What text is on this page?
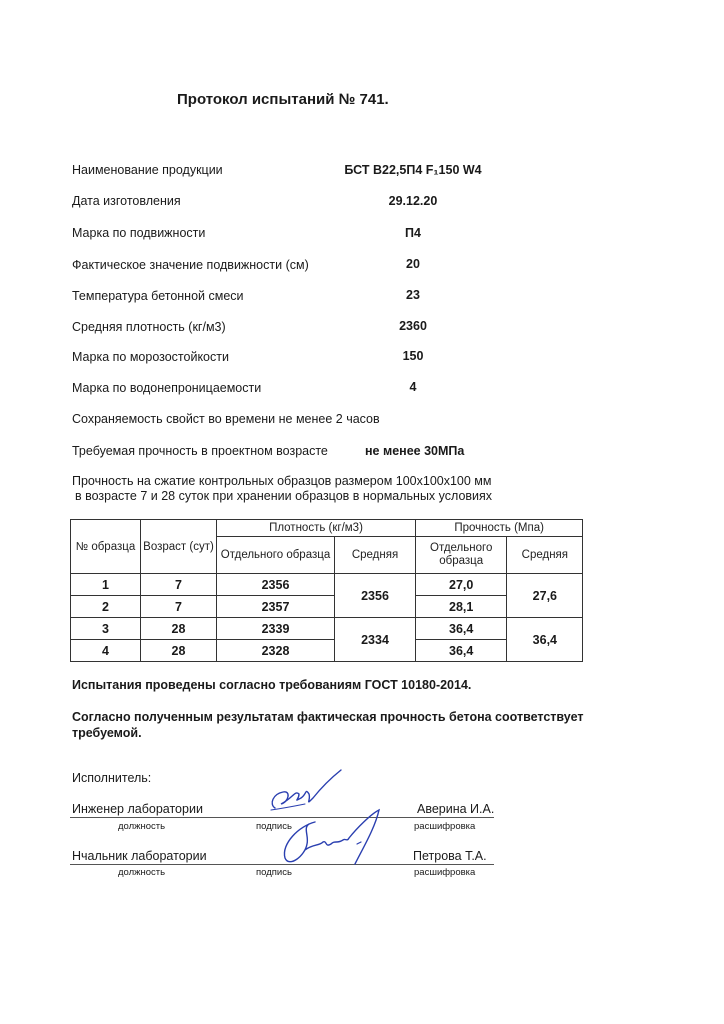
Протокол испытаний № 741.
Наименование продукции	БСТ В22,5П4 F₁150 W4
Дата изготовления	29.12.20
Марка по подвижности	П4
Фактическое значение подвижности (см)	20
Температура бетонной смеси	23
Средняя плотность (кг/м3)	2360
Марка по морозостойкости	150
Марка по водонепроницаемости	4
Сохраняемость свойст во времени не менее 2 часов
Требуемая прочность в проектном возрасте	не менее 30МПа
Прочность на сжатие контрольных образцов размером 100х100х100 мм
в возрасте 7 и 28 суток при хранении образцов в нормальных условиях
№ образца	Возраст (сут)	Плотность (кг/м3)		Прочность (Мпа)	
		Отдельного образца	Средняя	Отдельного образца	Средняя
1	7	2356	2356	27,0	27,6
2	7	2357		28,1	
3	28	2339	2334	36,4	36,4
4	28	2328		36,4	
Испытания проведены согласно требованиям ГОСТ 10180-2014.
Согласно полученным результатам фактическая прочность бетона соответствует
требуемой.
Исполнитель:
Инженер лаборатории	Аверина И.А.
должность	подпись	расшифровка
Нчальник лаборатории	Петрова Т.А.
должность	подпись	расшифровка
